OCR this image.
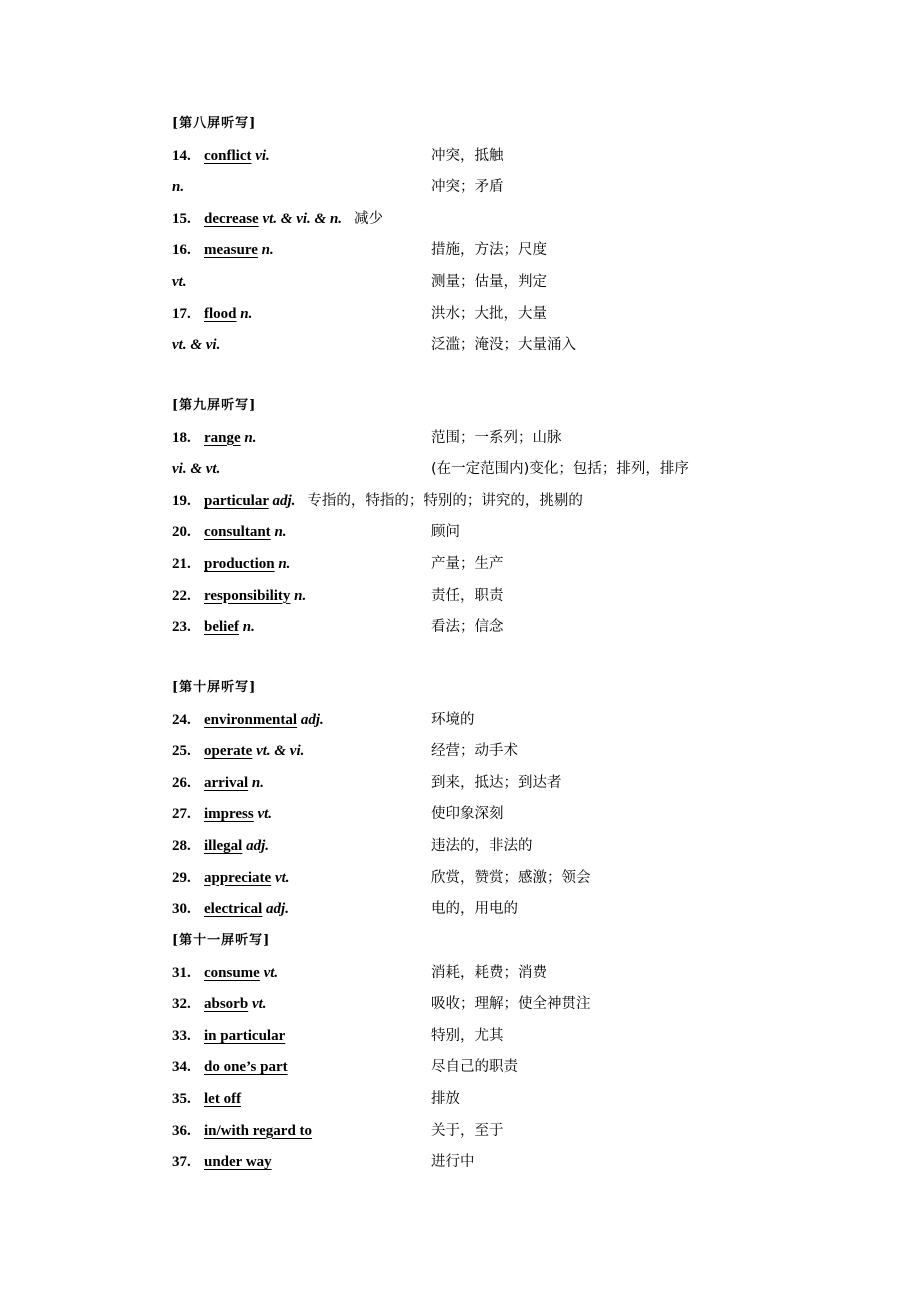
[第八屏听写]
14. conflict vi.	冲突，抵触
n.	冲突；矛盾
15. decrease vt. & vi. & n. 减少
16. measure n.	措施，方法；尺度
vt.	测量；估量，判定
17. flood n.	洪水；大批，大量
vt. & vi.	泛滥；淹没；大量涌入
[第九屏听写]
18. range n.	范围；一系列；山脉
vi. & vt.	(在一定范围内)变化；包括；排列，排序
19. particular adj. 专指的，特指的；特别的；讲究的，挑剔的
20. consultant n.	顾问
21. production n.	产量；生产
22. responsibility n.	责任，职责
23. belief n.	看法；信念
[第十屏听写]
24. environmental adj.	环境的
25. operate vt. & vi.	经营；动手术
26. arrival n.	到来，抵达；到达者
27. impress vt.	使印象深刻
28. illegal adj.	违法的，非法的
29. appreciate vt.	欣赏，赞赏；感激；领会
30. electrical adj.	电的，用电的
[第十一屏听写]
31. consume vt.	消耗，耗费；消费
32. absorb vt.	吸收；理解；使全神贯注
33. in particular	特别，尤其
34. do one’s part	尽自己的职责
35. let off	排放
36. in/with regard to	关于，至于
37. under way	进行中
